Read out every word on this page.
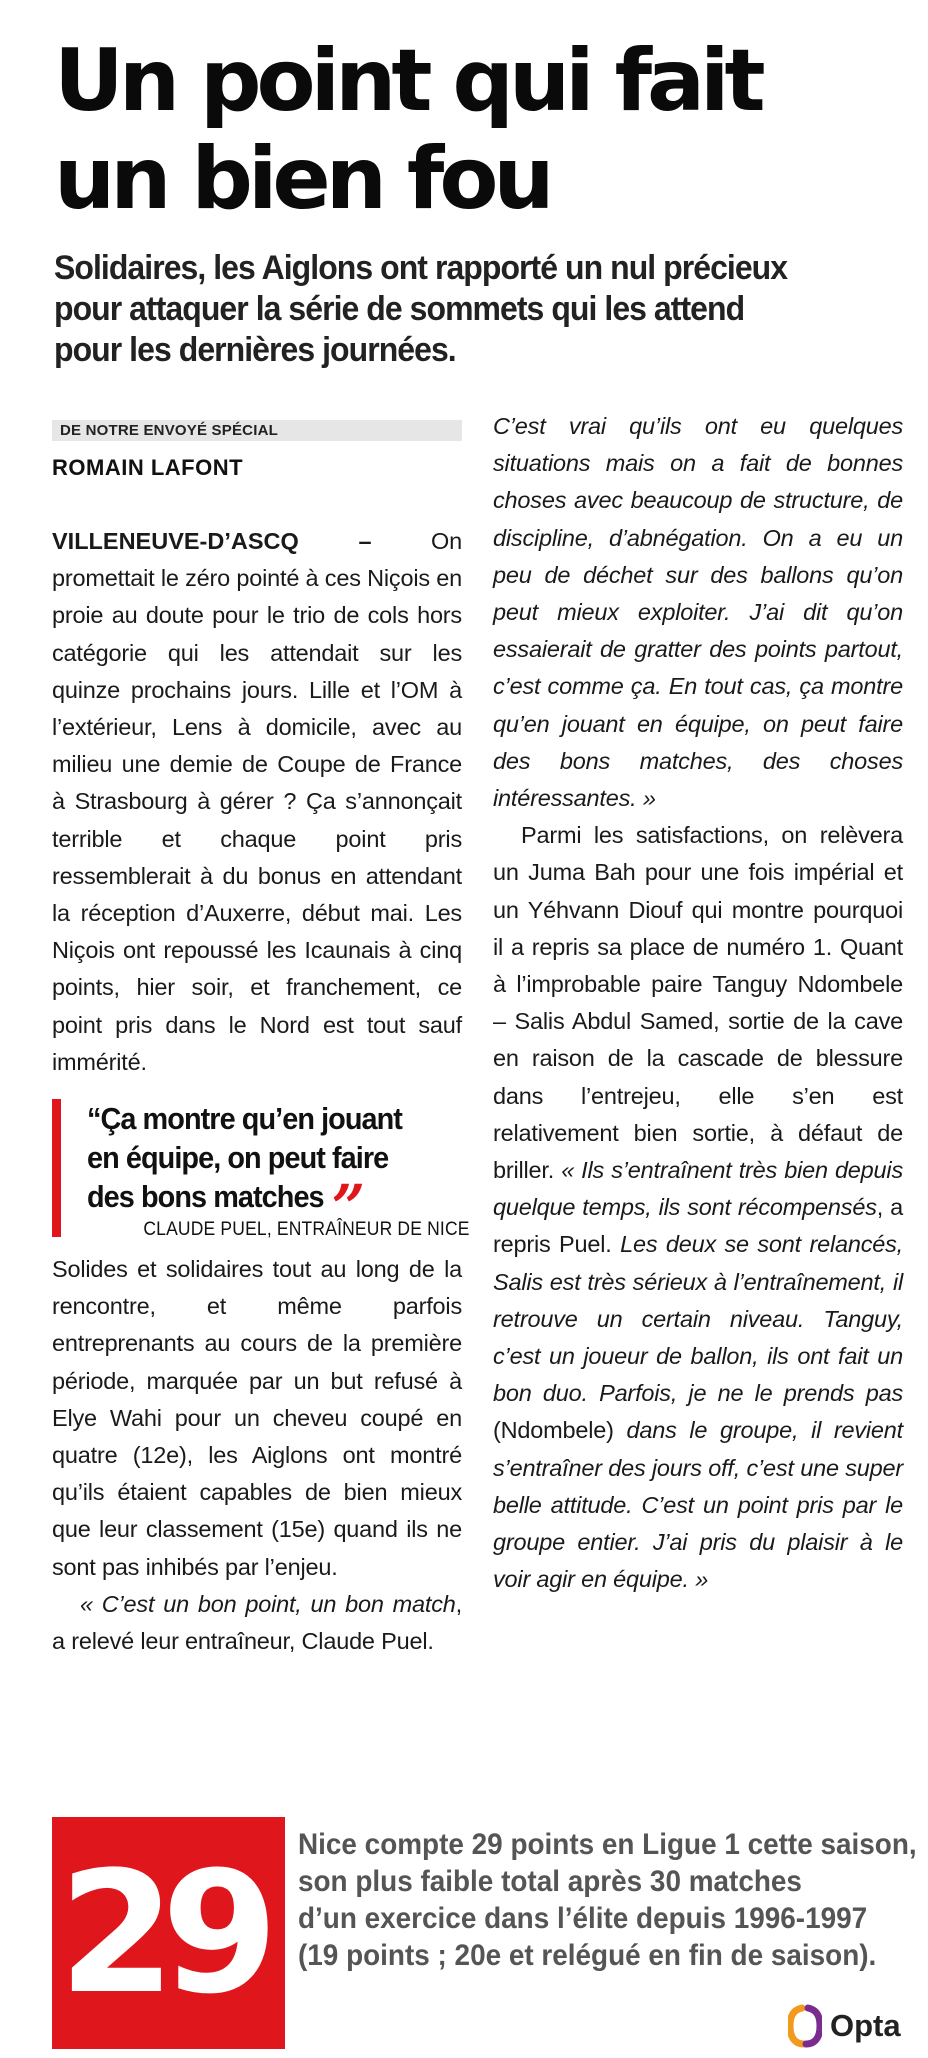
Un point qui fait
un bien fou
Solidaires, les Aiglons ont rapporté un nul précieux
pour attaquer la série de sommets qui les attend
pour les dernières journées.
DE NOTRE ENVOYÉ SPÉCIAL
ROMAIN LAFONT

VILLENEUVE-D’ASCQ – On promettait le zéro pointé à ces Niçois en proie au doute pour le trio de cols hors catégorie qui les attendait sur les quinze prochains jours. Lille et l’OM à l’extérieur, Lens à domicile, avec au milieu une demie de Coupe de France à Strasbourg à gérer ? Ça s’annonçait terrible et chaque point pris ressemblerait à du bonus en attendant la réception d’Auxerre, début mai. Les Niçois ont repoussé les Icaunais à cinq points, hier soir, et franchement, ce point pris dans le Nord est tout sauf immérité.

“Ça montre qu’en jouant
en équipe, on peut faire
des bons matches”
CLAUDE PUEL, ENTRAÎNEUR DE NICE

Solides et solidaires tout au long de la rencontre, et même parfois entreprenants au cours de la première période, marquée par un but refusé à Elye Wahi pour un cheveu coupé en quatre (12e), les Aiglons ont montré qu’ils étaient capables de bien mieux que leur classement (15e) quand ils ne sont pas inhibés par l’enjeu.

« C’est un bon point, un bon match, a relevé leur entraîneur, Claude Puel.

C’est vrai qu’ils ont eu quelques situations mais on a fait de bonnes choses avec beaucoup de structure, de discipline, d’abnégation. On a eu un peu de déchet sur des ballons qu’on peut mieux exploiter. J’ai dit qu’on essaierait de gratter des points partout, c’est comme ça. En tout cas, ça montre qu’en jouant en équipe, on peut faire des bons matches, des choses intéressantes. »

Parmi les satisfactions, on relèvera un Juma Bah pour une fois impérial et un Yéhvann Diouf qui montre pourquoi il a repris sa place de numéro 1. Quant à l’improbable paire Tanguy Ndombele – Salis Abdul Samed, sortie de la cave en raison de la cascade de blessure dans l’entrejeu, elle s’en est relativement bien sortie, à défaut de briller. « Ils s’entraînent très bien depuis quelque temps, ils sont récompensés, a repris Puel. Les deux se sont relancés, Salis est très sérieux à l’entraînement, il retrouve un certain niveau. Tanguy, c’est un joueur de ballon, ils ont fait un bon duo. Parfois, je ne le prends pas (Ndombele) dans le groupe, il revient s’entraîner des jours off, c’est une super belle attitude. C’est un point pris par le groupe entier. J’ai pris du plaisir à le voir agir en équipe. »

29 Nice compte 29 points en Ligue 1 cette saison,
son plus faible total après 30 matches
d’un exercice dans l’élite depuis 1996-1997
(19 points ; 20e et relégué en fin de saison).
Opta
